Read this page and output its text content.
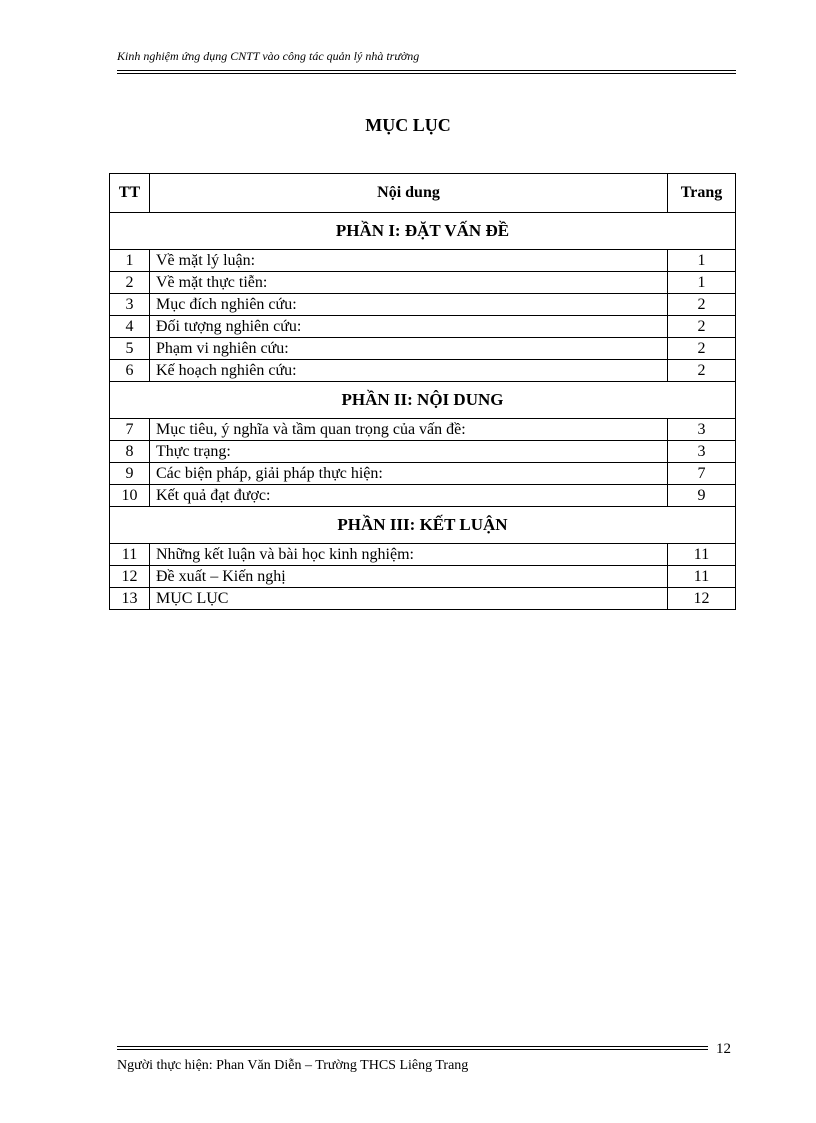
Kinh nghiệm ứng dụng CNTT vào công tác quản lý nhà trường
MỤC LỤC
TT	Nội dung	Trang
PHẦN I: ĐẶT VẤN ĐỀ		
1	Về mặt lý luận:	1
2	Về mặt thực tiễn:	1
3	Mục đích nghiên cứu:	2
4	Đối tượng nghiên cứu:	2
5	Phạm vi nghiên cứu:	2
6	Kế hoạch nghiên cứu:	2
PHẦN II: NỘI DUNG		
7	Mục tiêu, ý nghĩa và tầm quan trọng của vấn đề:	3
8	Thực trạng:	3
9	Các biện pháp, giải pháp thực hiện:	7
10	Kết quả đạt được:	9
PHẦN III: KẾT LUẬN		
11	Những kết luận và bài học kinh nghiệm:	11
12	Đề xuất – Kiến nghị	11
13	MỤC LỤC	12
12
Người thực hiện: Phan Văn Diễn – Trường THCS Liêng Trang
